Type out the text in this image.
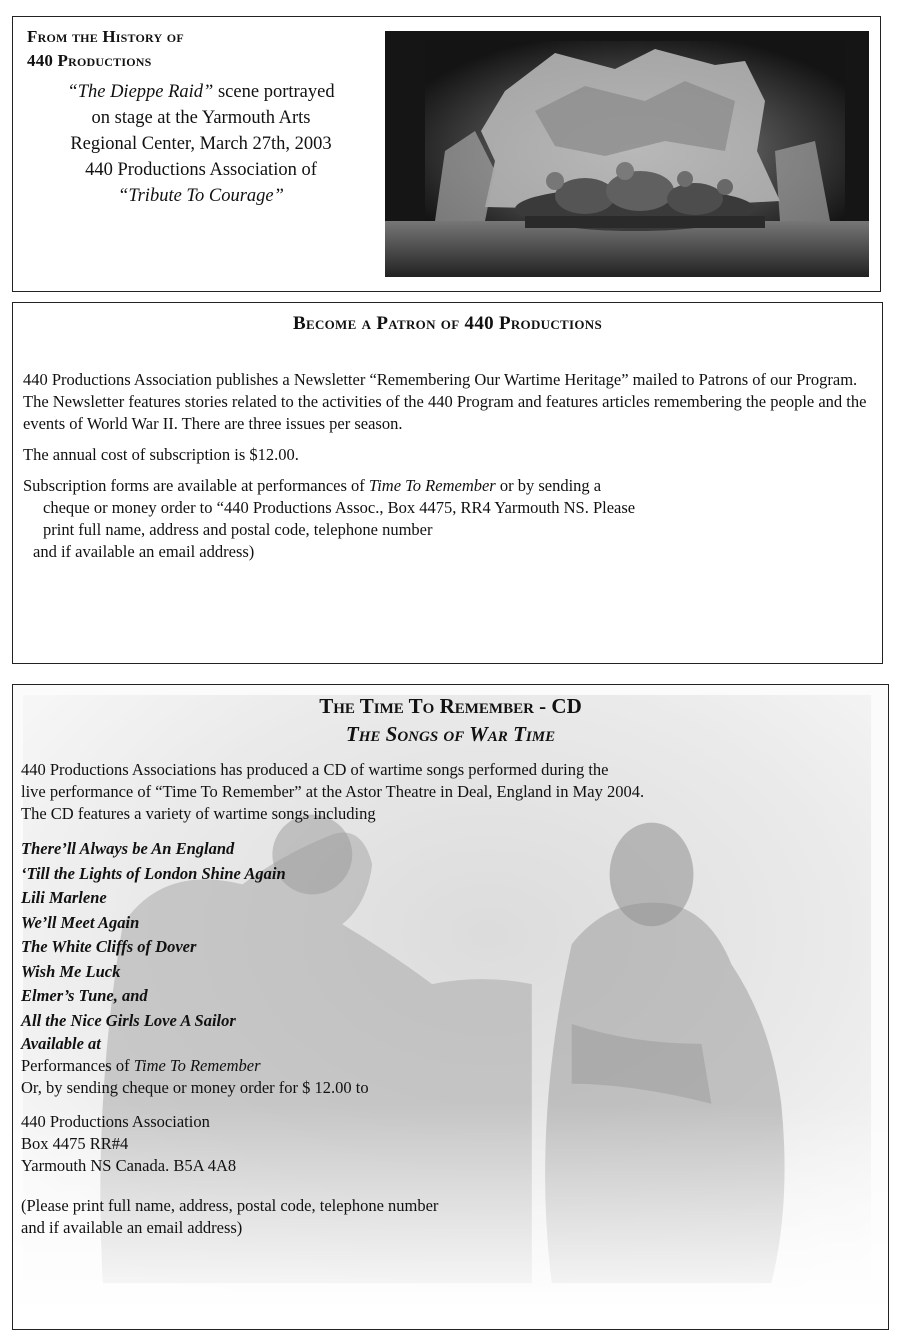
From the History of
440 Productions
“The Dieppe Raid” scene portrayed
on stage at the Yarmouth Arts
Regional Center, March 27th, 2003
440 Productions Association of
“Tribute To Courage”
Become a Patron of 440 Productions

440 Productions Association publishes a Newsletter “Remembering Our Wartime Heritage” mailed to Patrons of our Program. The Newsletter features stories related to the activities of the 440 Program and features articles remembering the people and the events of World War II. There are three issues per season.

The annual cost of subscription is $12.00.

Subscription forms are available at performances of Time To Remember or by sending a
cheque or money order to “440 Productions Assoc., Box 4475, RR4 Yarmouth NS. Please
print full name, address and postal code, telephone number
and if available an email address)

The Time To Remember - CD
The Songs of War Time

440 Productions Associations has produced a CD of wartime songs performed during the

live performance of “Time To Remember” at the Astor Theatre in Deal, England in May 2004.

The CD features a variety of wartime songs including

There’ll Always be An England
‘Till the Lights of London Shine Again
Lili Marlene
We’ll Meet Again
The White Cliffs of Dover
Wish Me Luck
Elmer’s Tune, and
All the Nice Girls Love A Sailor

Available at

Performances of Time To Remember

Or, by sending cheque or money order for $ 12.00 to

440 Productions Association
Box 4475 RR#4
Yarmouth NS Canada. B5A 4A8
(Please print full name, address, postal code, telephone number
and if available an email address)
